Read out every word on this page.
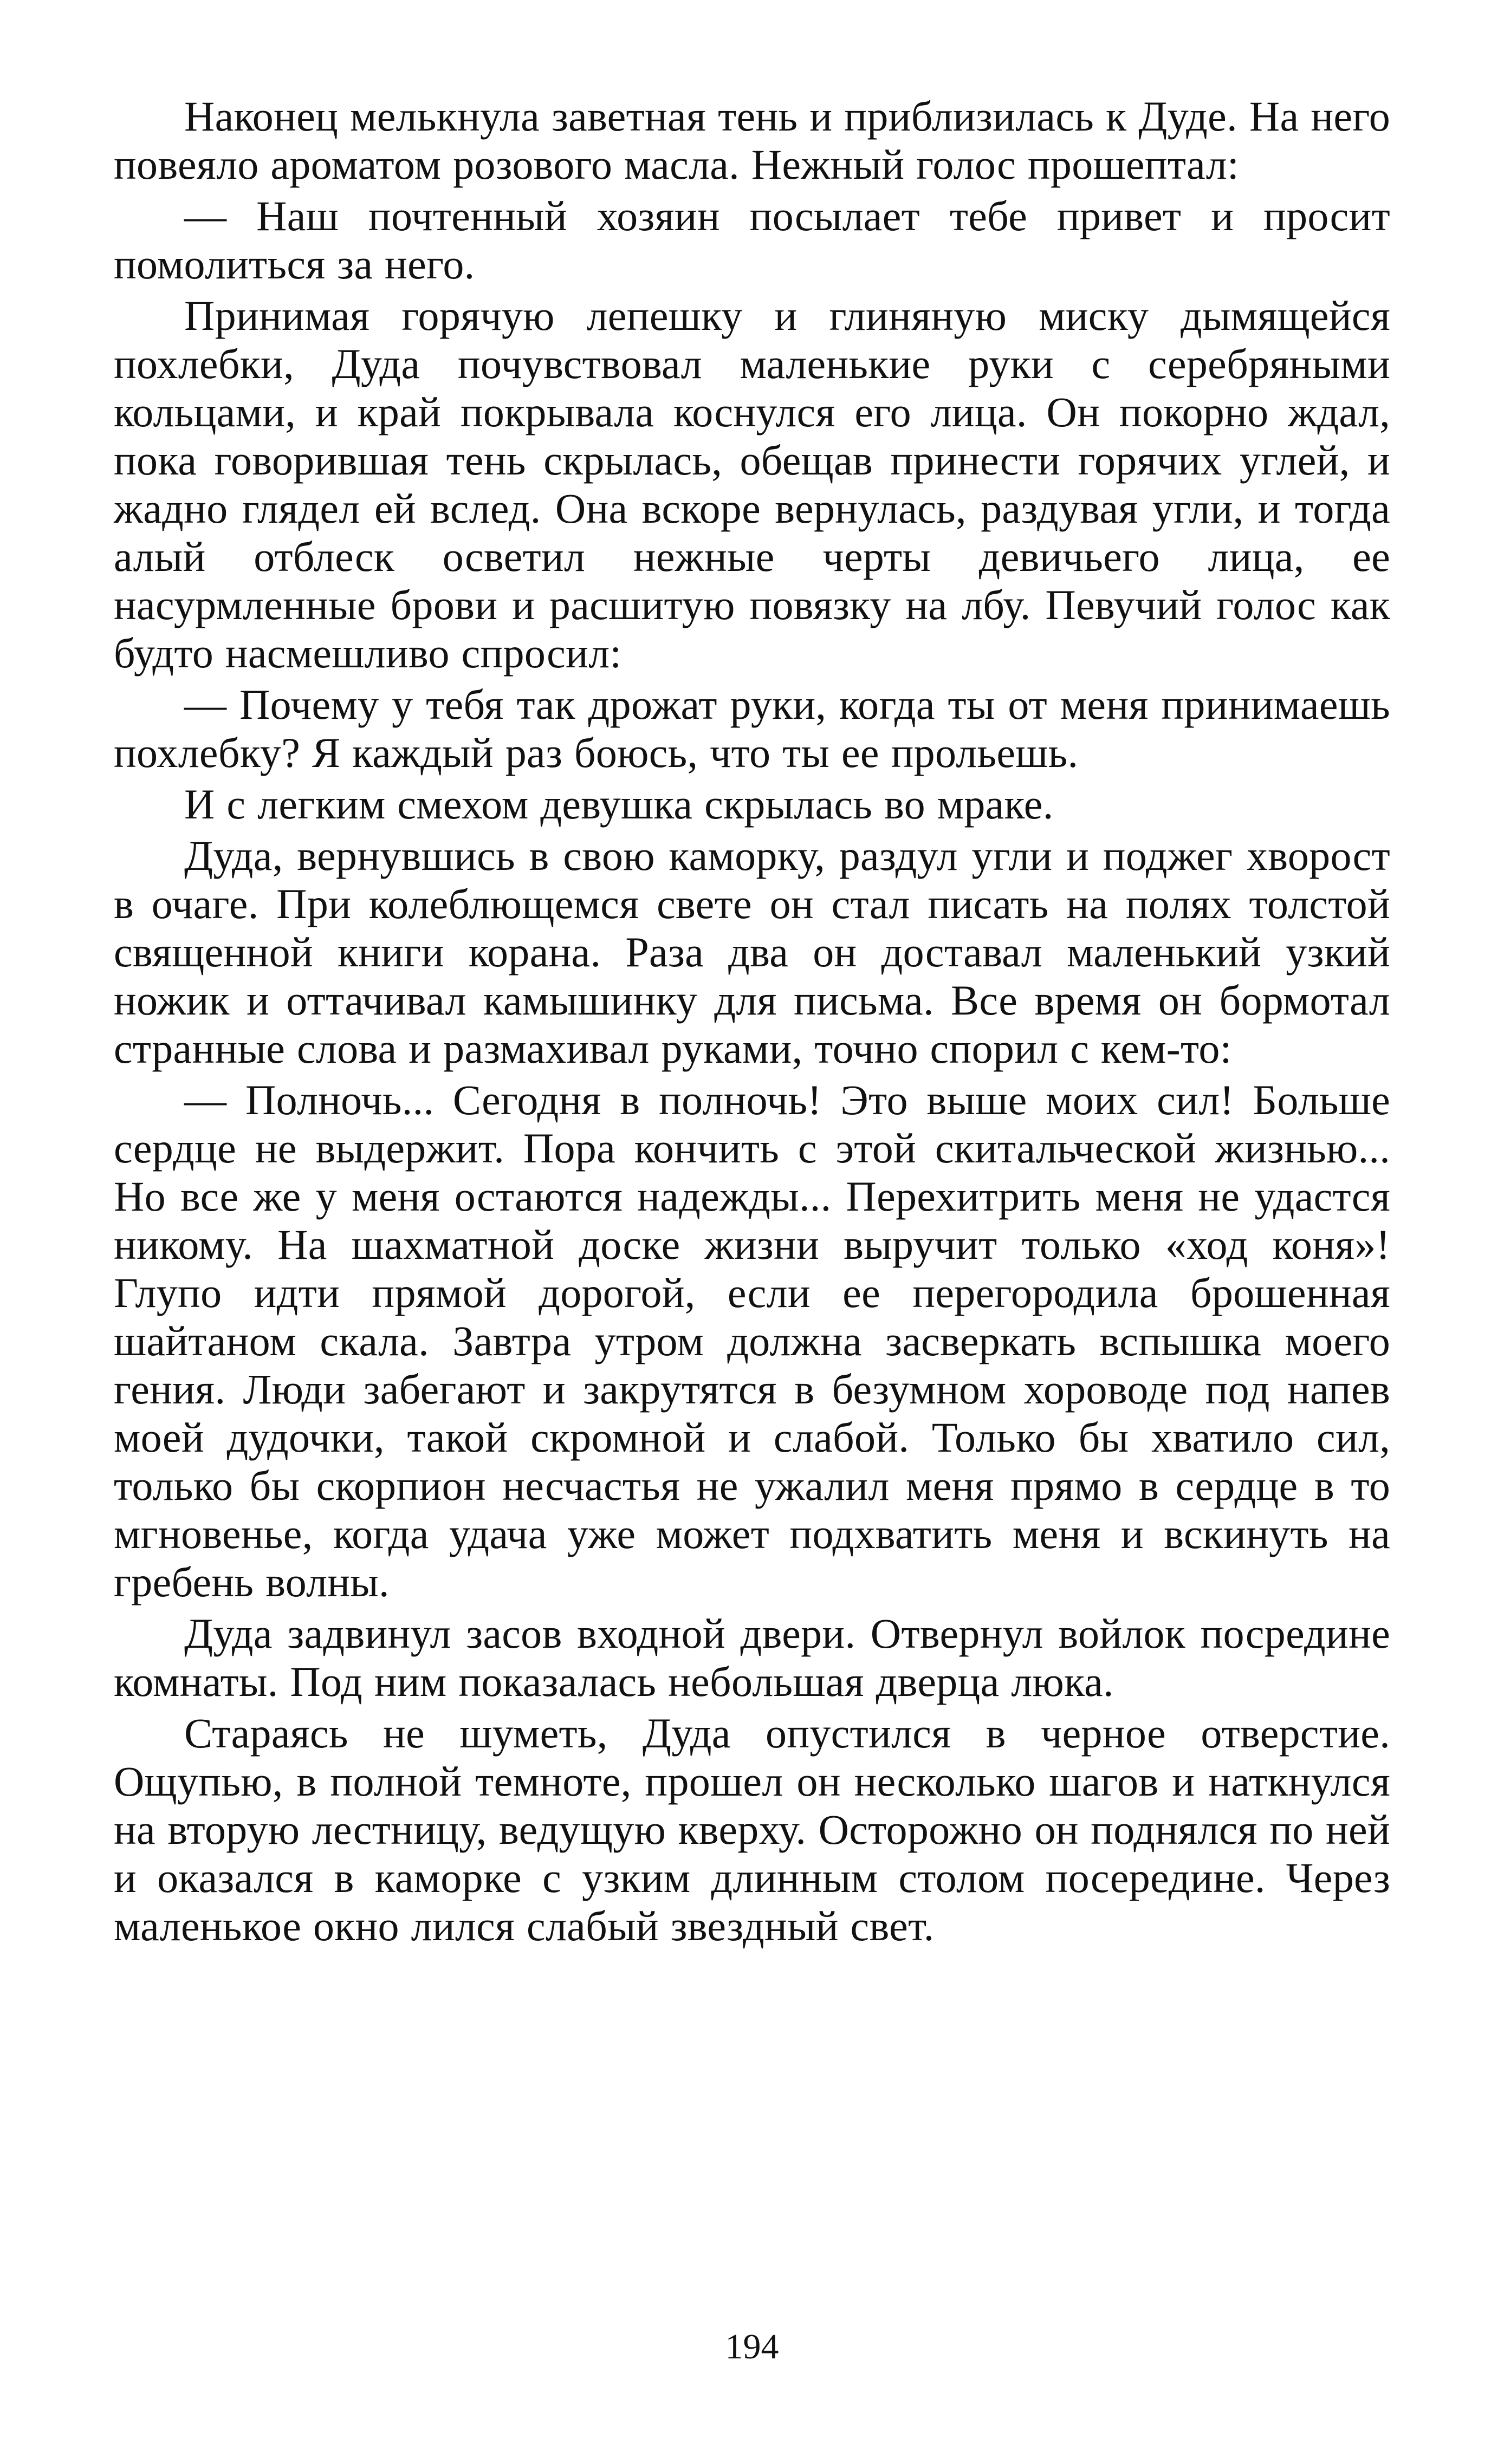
Наконец мелькнула заветная тень и приблизилась к Дуде. На него повеяло ароматом розового масла. Нежный голос прошептал:

— Наш почтенный хозяин посылает тебе привет и просит помолиться за него.

Принимая горячую лепешку и глиняную миску дымящейся похлебки, Дуда почувствовал маленькие руки с серебряными кольцами, и край покрывала коснулся его лица. Он покорно ждал, пока говорившая тень скрылась, обещав принести горячих углей, и жадно глядел ей вслед. Она вскоре вернулась, раздувая угли, и тогда алый отблеск осветил нежные черты девичьего лица, ее насурмленные брови и расшитую повязку на лбу. Певучий голос как будто насмешливо спросил:

— Почему у тебя так дрожат руки, когда ты от меня принимаешь похлебку? Я каждый раз боюсь, что ты ее прольешь.

И с легким смехом девушка скрылась во мраке.

Дуда, вернувшись в свою каморку, раздул угли и поджег хворост в очаге. При колеблющемся свете он стал писать на полях толстой священной книги корана. Раза два он доставал маленький узкий ножик и оттачивал камышинку для письма. Все время он бормотал странные слова и размахивал руками, точно спорил с кем-то:

— Полночь... Сегодня в полночь! Это выше моих сил! Больше сердце не выдержит. Пора кончить с этой скитальческой жизнью... Но все же у меня остаются надежды... Перехитрить меня не удастся никому. На шахматной доске жизни выручит только «ход коня»! Глупо идти прямой дорогой, если ее перегородила брошенная шайтаном скала. Завтра утром должна засверкать вспышка моего гения. Люди забегают и закрутятся в безумном хороводе под напев моей дудочки, такой скромной и слабой. Только бы хватило сил, только бы скорпион несчастья не ужалил меня прямо в сердце в то мгновенье, когда удача уже может подхватить меня и вскинуть на гребень волны.

Дуда задвинул засов входной двери. Отвернул войлок посредине комнаты. Под ним показалась небольшая дверца люка.

Стараясь не шуметь, Дуда опустился в черное отверстие. Ощупью, в полной темноте, прошел он несколько шагов и наткнулся на вторую лестницу, ведущую кверху. Осторожно он поднялся по ней и оказался в каморке с узким длинным столом посередине. Через маленькое окно лился слабый звездный свет.

194
